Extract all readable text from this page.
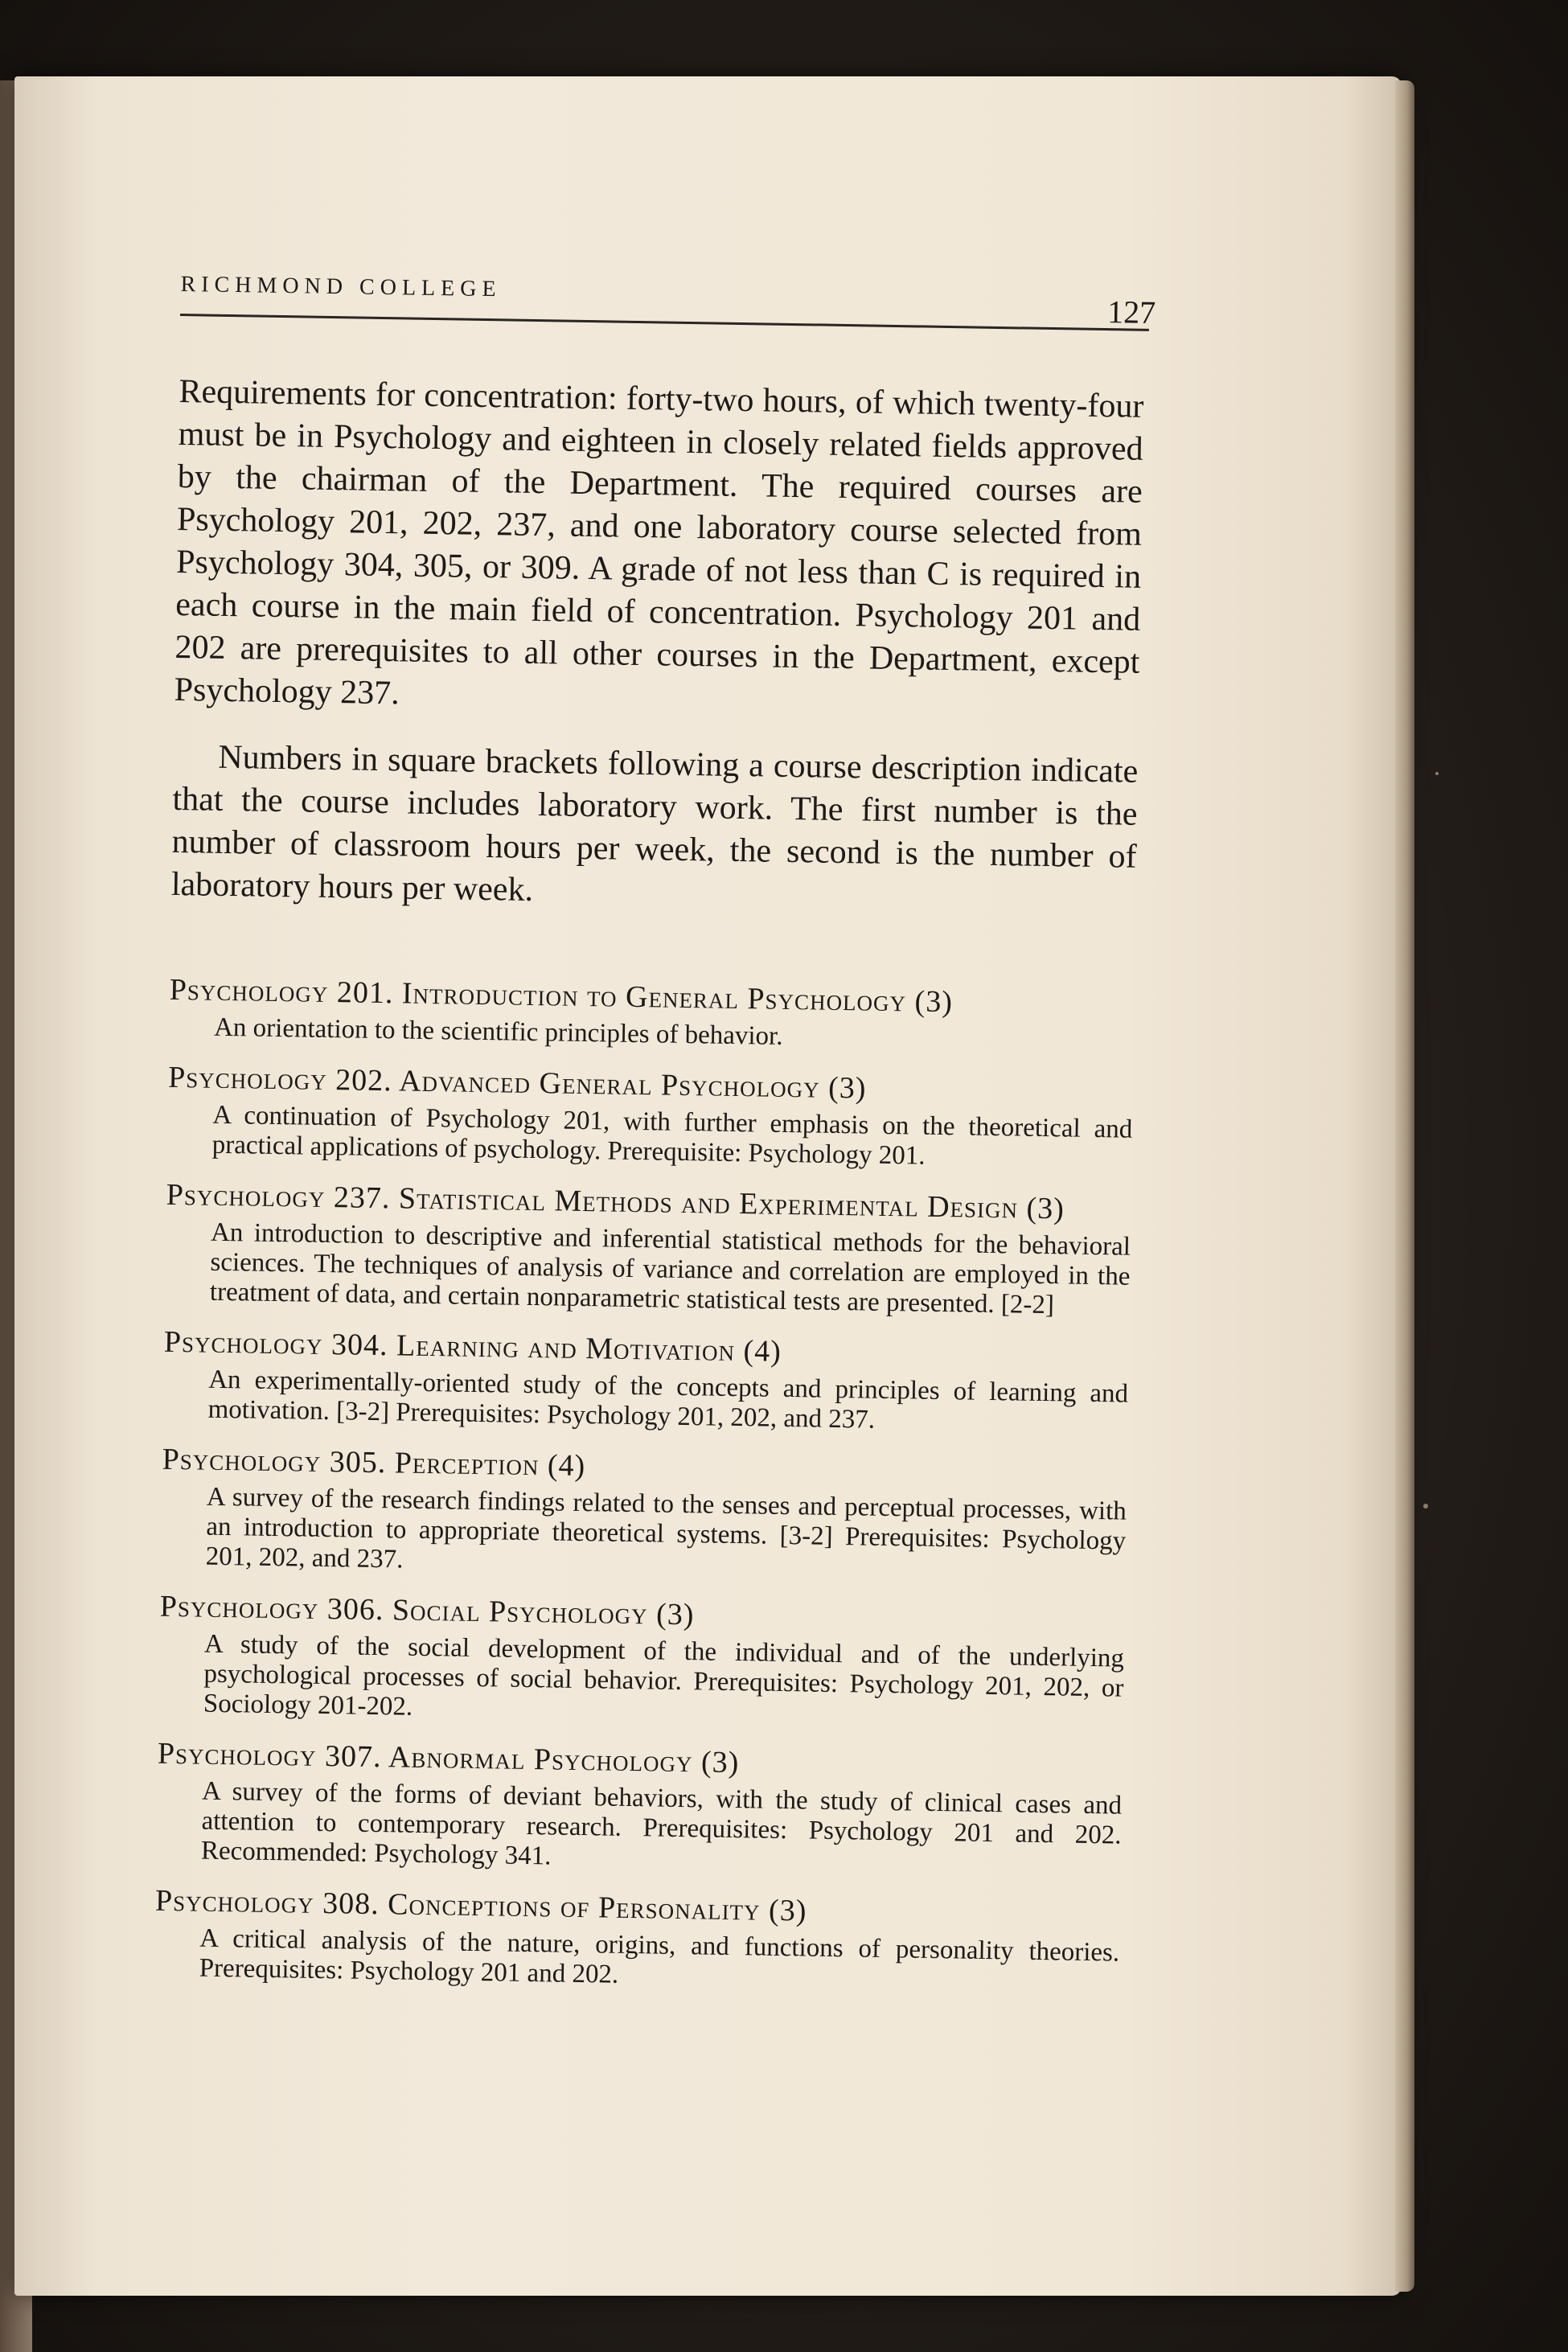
RICHMOND COLLEGE
127

Requirements for concentration: forty-two hours, of which twenty-four must be in Psychology and eighteen in closely related fields approved by the chairman of the Department. The required courses are Psychology 201, 202, 237, and one laboratory course selected from Psychology 304, 305, or 309. A grade of not less than C is required in each course in the main field of concentration. Psychology 201 and 202 are prerequisites to all other courses in the Department, except Psychology 237.

Numbers in square brackets following a course description indicate that the course includes laboratory work. The first number is the number of classroom hours per week, the second is the number of laboratory hours per week.

Psychology 201. Introduction to General Psychology (3)
An orientation to the scientific principles of behavior.
Psychology 202. Advanced General Psychology (3)
A continuation of Psychology 201, with further emphasis on the theoretical and practical applications of psychology. Prerequisite: Psychology 201.
Psychology 237. Statistical Methods and Experimental Design (3)
An introduction to descriptive and inferential statistical methods for the behavioral sciences. The techniques of analysis of variance and correlation are employed in the treatment of data, and certain nonparametric statistical tests are presented. [2-2]
Psychology 304. Learning and Motivation (4)
An experimentally-oriented study of the concepts and principles of learning and motivation. [3-2] Prerequisites: Psychology 201, 202, and 237.
Psychology 305. Perception (4)
A survey of the research findings related to the senses and perceptual processes, with an introduction to appropriate theoretical systems. [3-2] Prerequisites: Psychology 201, 202, and 237.
Psychology 306. Social Psychology (3)
A study of the social development of the individual and of the underlying psychological processes of social behavior. Prerequisites: Psychology 201, 202, or Sociology 201-202.
Psychology 307. Abnormal Psychology (3)
A survey of the forms of deviant behaviors, with the study of clinical cases and attention to contemporary research. Prerequisites: Psychology 201 and 202. Recommended: Psychology 341.
Psychology 308. Conceptions of Personality (3)
A critical analysis of the nature, origins, and functions of personality theories. Prerequisites: Psychology 201 and 202.
